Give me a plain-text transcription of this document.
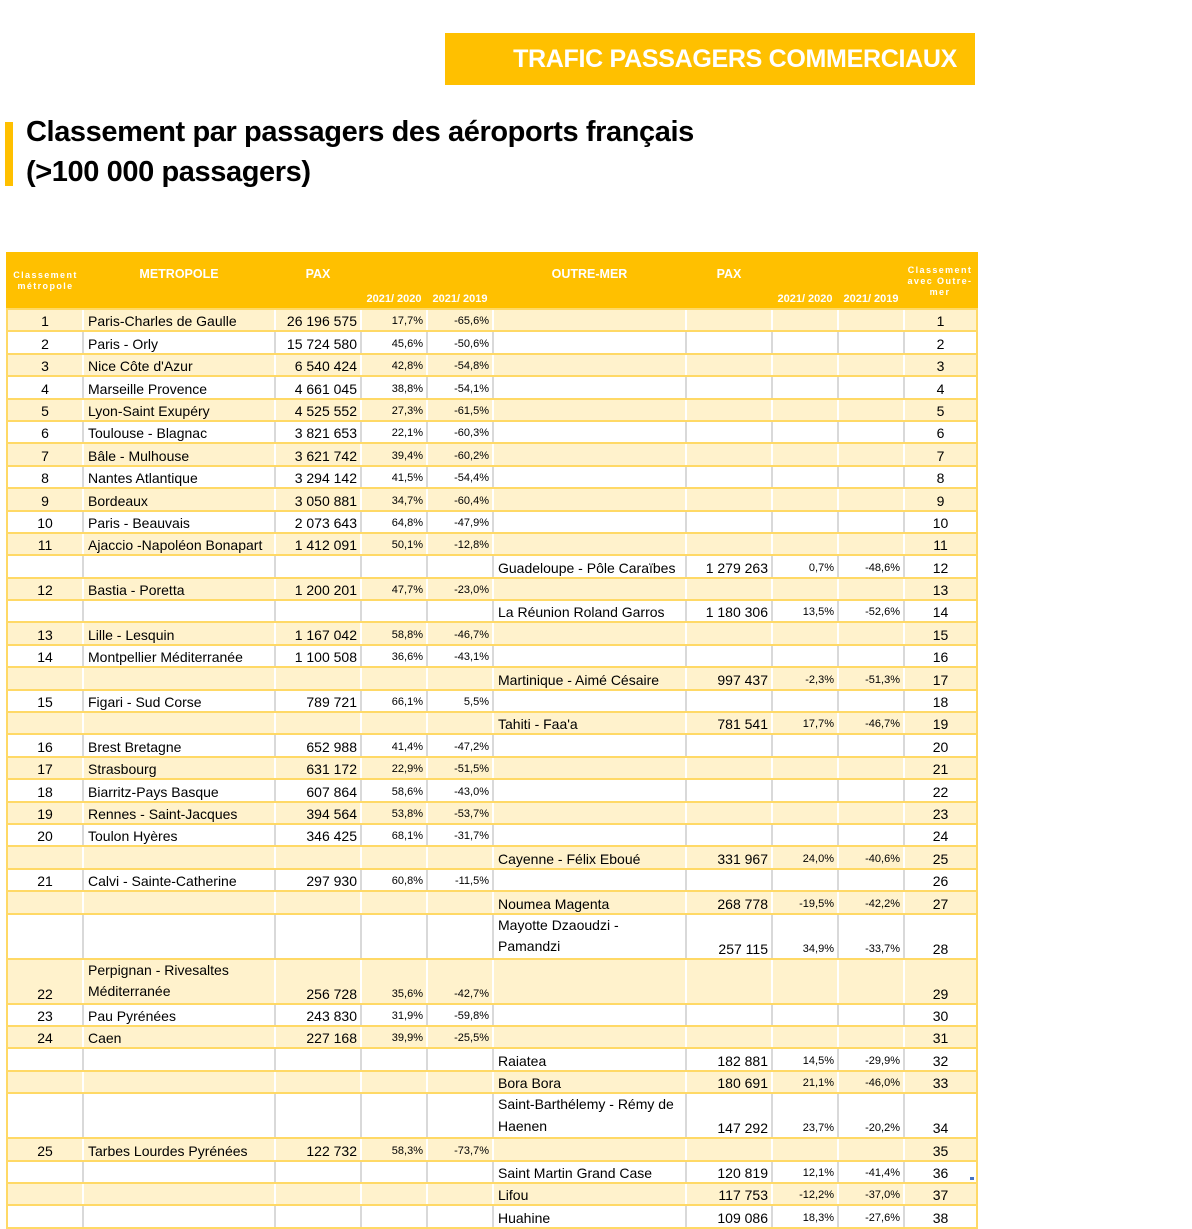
TRAFIC PASSAGERS COMMERCIAUX
Classement par passagers des aéroports français
(>100 000 passagers)
Classement métropole	METROPOLE	PAX	2021/ 2020	2021/ 2019	OUTRE-MER	PAX	2021/ 2020	2021/ 2019	Classement avec Outre-mer
1	Paris-Charles de Gaulle	26 196 575	17,7%	-65,6%					1
2	Paris - Orly	15 724 580	45,6%	-50,6%					2
3	Nice Côte d'Azur	6 540 424	42,8%	-54,8%					3
4	Marseille Provence	4 661 045	38,8%	-54,1%					4
5	Lyon-Saint Exupéry	4 525 552	27,3%	-61,5%					5
6	Toulouse - Blagnac	3 821 653	22,1%	-60,3%					6
7	Bâle - Mulhouse	3 621 742	39,4%	-60,2%					7
8	Nantes Atlantique	3 294 142	41,5%	-54,4%					8
9	Bordeaux	3 050 881	34,7%	-60,4%					9
10	Paris - Beauvais	2 073 643	64,8%	-47,9%					10
11	Ajaccio -Napoléon Bonapart	1 412 091	50,1%	-12,8%					11
					Guadeloupe - Pôle Caraïbes	1 279 263	0,7%	-48,6%	12
12	Bastia - Poretta	1 200 201	47,7%	-23,0%					13
					La Réunion Roland Garros	1 180 306	13,5%	-52,6%	14
13	Lille - Lesquin	1 167 042	58,8%	-46,7%					15
14	Montpellier Méditerranée	1 100 508	36,6%	-43,1%					16
					Martinique - Aimé Césaire	997 437	-2,3%	-51,3%	17
15	Figari - Sud Corse	789 721	66,1%	5,5%					18
					Tahiti - Faa'a	781 541	17,7%	-46,7%	19
16	Brest Bretagne	652 988	41,4%	-47,2%					20
17	Strasbourg	631 172	22,9%	-51,5%					21
18	Biarritz-Pays Basque	607 864	58,6%	-43,0%					22
19	Rennes - Saint-Jacques	394 564	53,8%	-53,7%					23
20	Toulon Hyères	346 425	68,1%	-31,7%					24
					Cayenne - Félix Eboué	331 967	24,0%	-40,6%	25
21	Calvi - Sainte-Catherine	297 930	60,8%	-11,5%					26
					Noumea Magenta	268 778	-19,5%	-42,2%	27
					Mayotte Dzaoudzi - Pamandzi	257 115	34,9%	-33,7%	28
22	Perpignan - Rivesaltes Méditerranée	256 728	35,6%	-42,7%					29
23	Pau Pyrénées	243 830	31,9%	-59,8%					30
24	Caen	227 168	39,9%	-25,5%					31
					Raiatea	182 881	14,5%	-29,9%	32
					Bora Bora	180 691	21,1%	-46,0%	33
					Saint-Barthélemy - Rémy de Haenen	147 292	23,7%	-20,2%	34
25	Tarbes Lourdes Pyrénées	122 732	58,3%	-73,7%					35
					Saint Martin Grand Case	120 819	12,1%	-41,4%	36
					Lifou	117 753	-12,2%	-37,0%	37
					Huahine	109 086	18,3%	-27,6%	38
